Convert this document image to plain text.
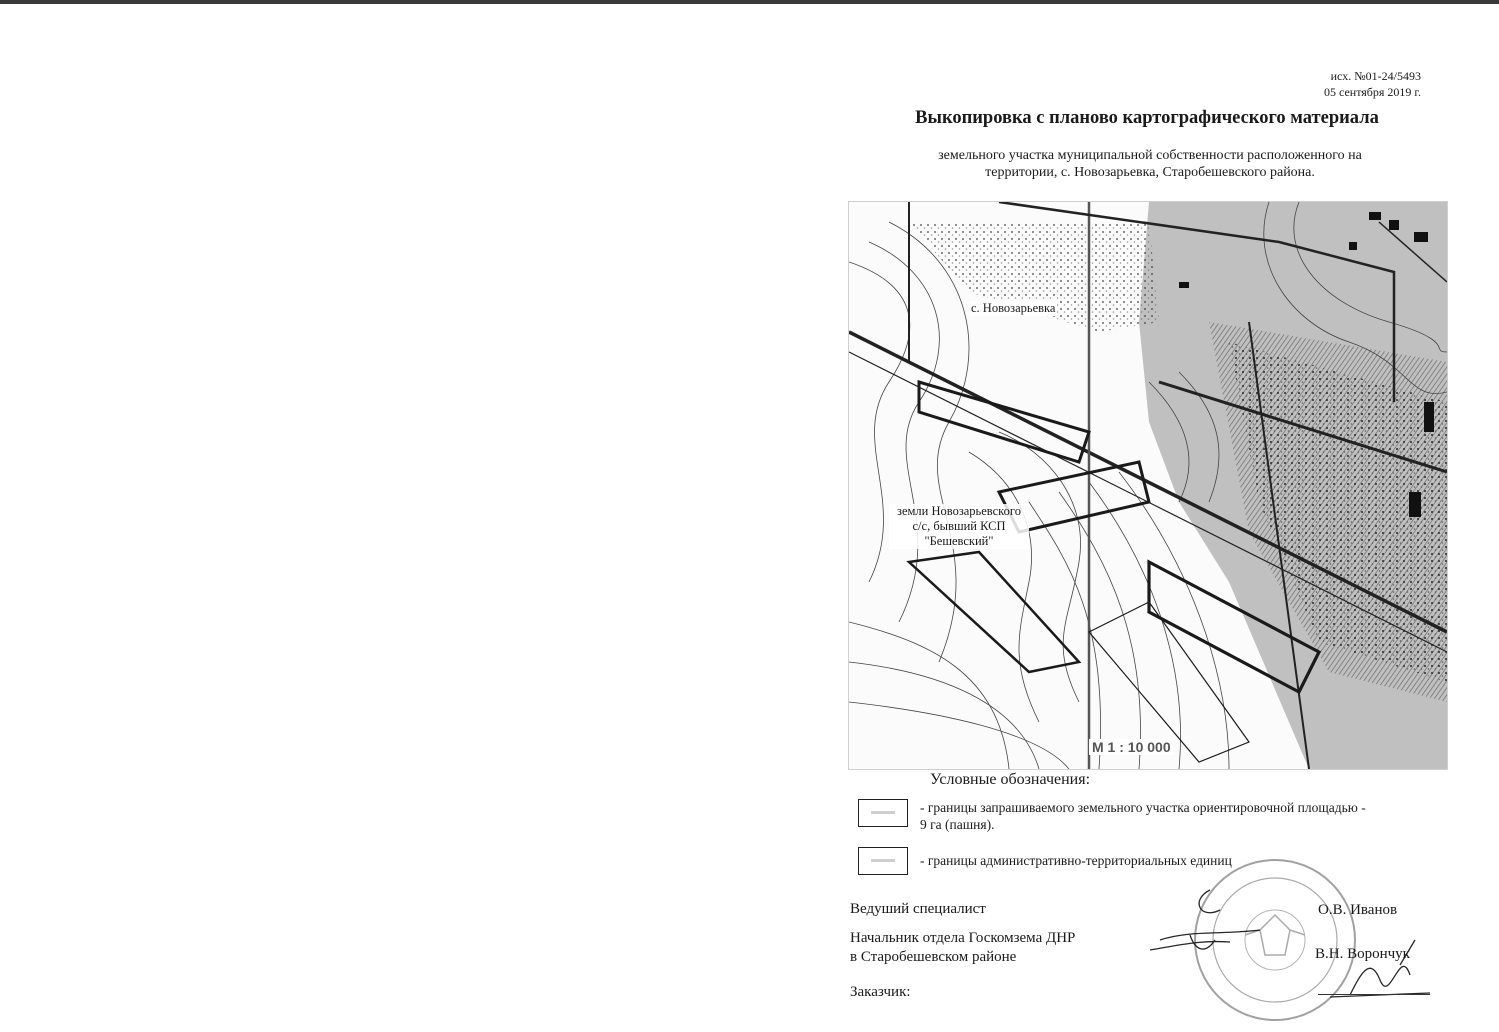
исх. №01-24/5493
05 сентября 2019 г.
Выкопировка с планово картографического материала
земельного участка муниципальной собственности расположенного на
территории, с. Новозарьевка, Старобешевского района.
с. Новозарьевка
земли Новозарьевского
с/с, бывший КСП
"Бешевский"
М 1 : 10 000
Условные обозначения:
- границы запрашиваемого земельного участка ориентировочной площадью -
9 га (пашня).
- границы административно-территориальных единиц
Ведуший специалист	О.В. Иванов
Начальник отдела Госкомзема ДНР
в Старобешевском районе	В.Н. Ворончук
Заказчик:
